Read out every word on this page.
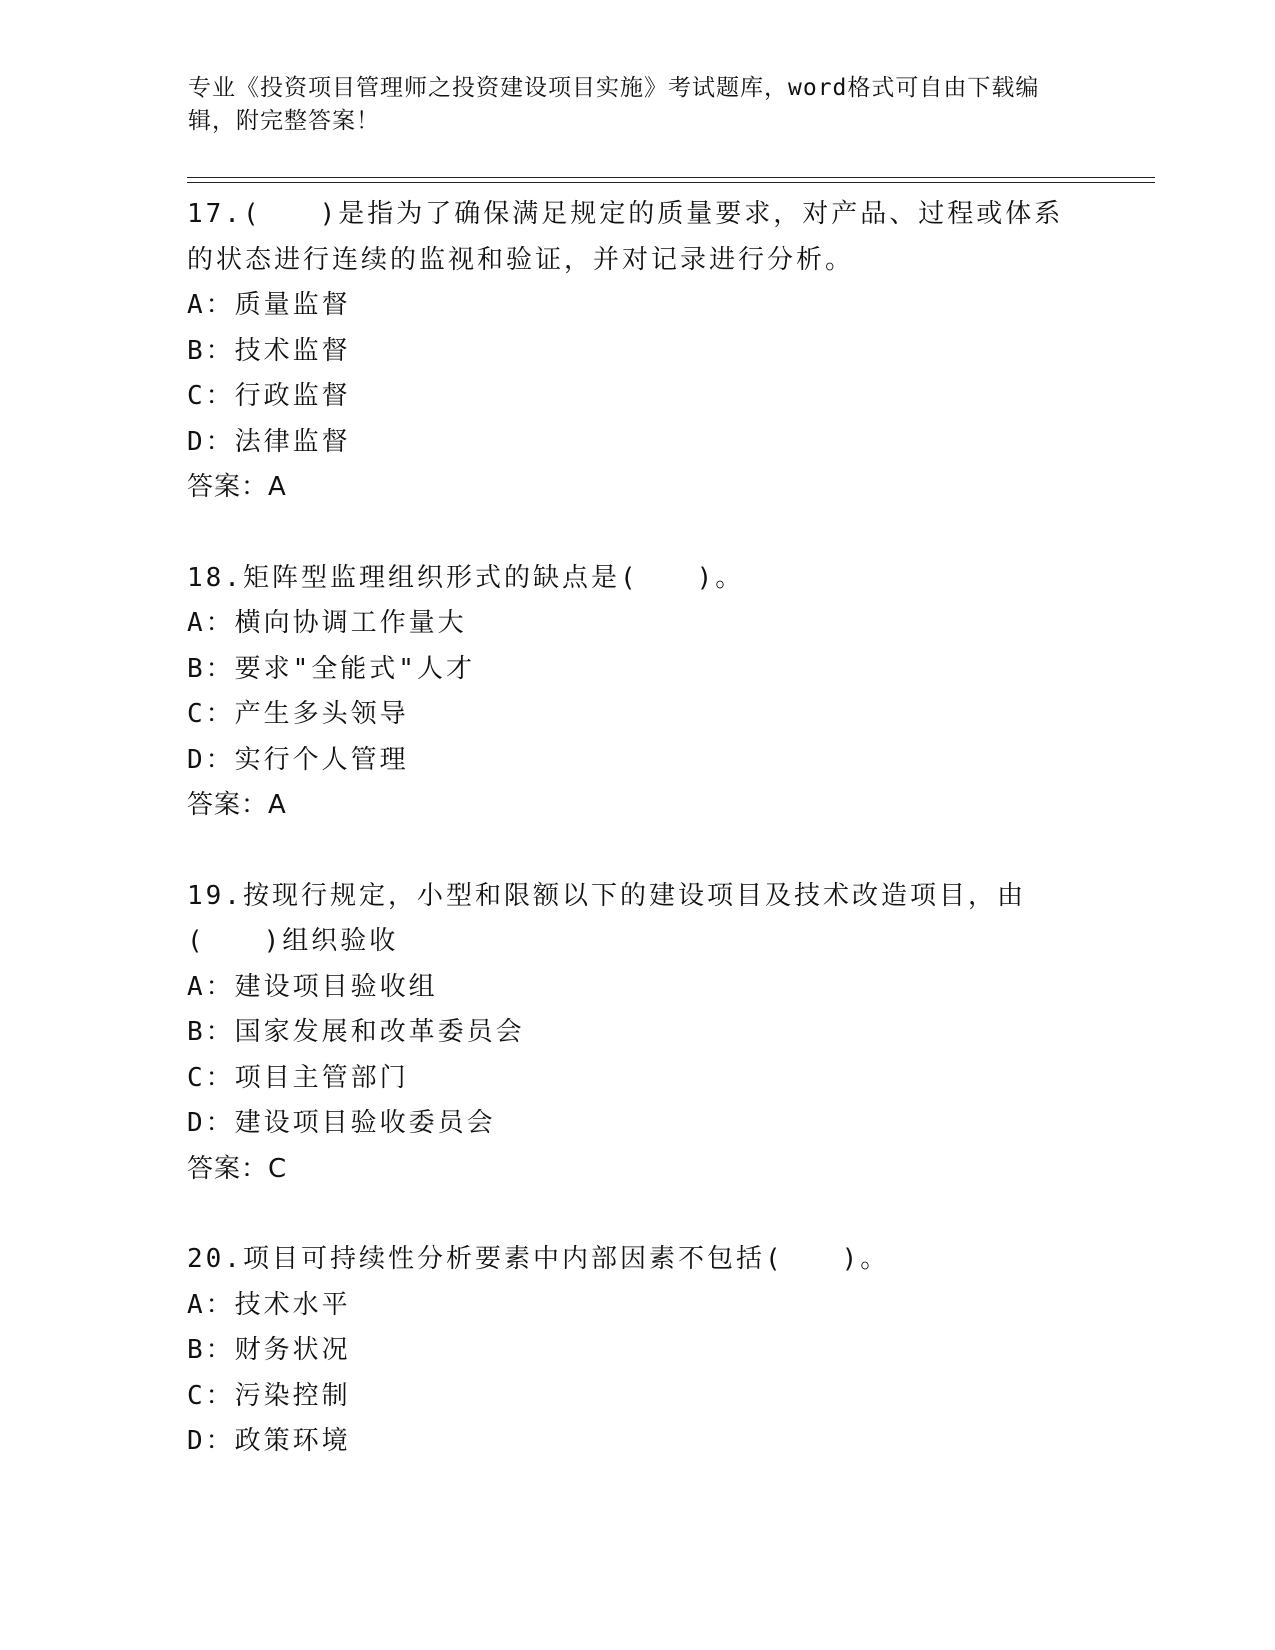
专业《投资项目管理师之投资建设项目实施》考试题库，word格式可自由下载编
辑，附完整答案！
17.(　　)是指为了确保满足规定的质量要求，对产品、过程或体系的状态进行连续的监视和验证，并对记录进行分析。
A：质量监督
B：技术监督
C：行政监督
D：法律监督
答案：A
18.矩阵型监理组织形式的缺点是(　　)。
A：横向协调工作量大
B：要求"全能式"人才
C：产生多头领导
D：实行个人管理
答案：A
19.按现行规定，小型和限额以下的建设项目及技术改造项目，由(　　)组织验收
A：建设项目验收组
B：国家发展和改革委员会
C：项目主管部门
D：建设项目验收委员会
答案：C
20.项目可持续性分析要素中内部因素不包括(　　)。
A：技术水平
B：财务状况
C：污染控制
D：政策环境
